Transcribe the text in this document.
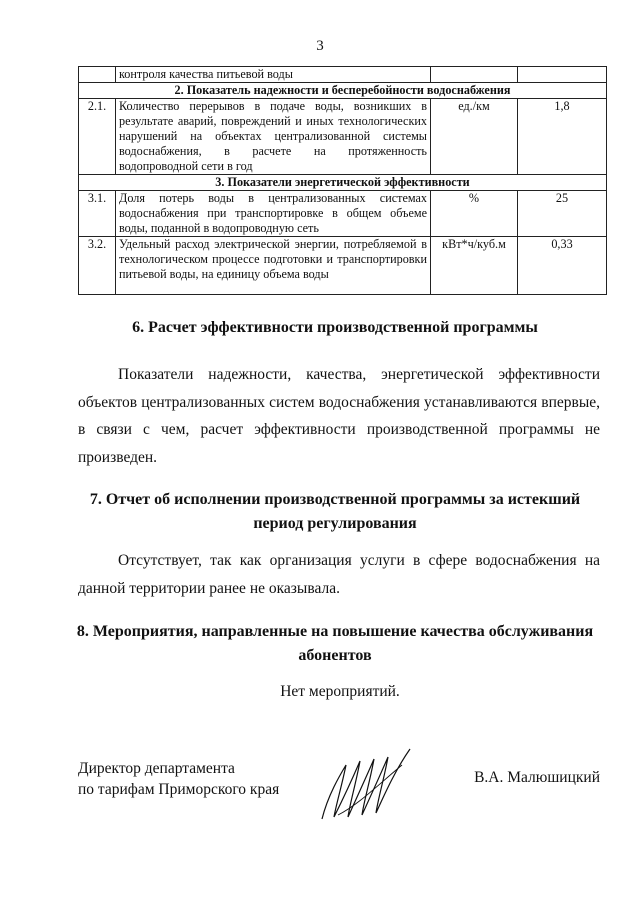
3
	контроля качества питьевой воды		
2. Показатель надежности и бесперебойности водоснабжения			
2.1.	Количество перерывов в подаче воды, возникших в результате аварий, повреждений и иных технологических нарушений на объектах централизованной системы водоснабжения, в расчете на протяженность водопроводной сети в год	ед./км	1,8
3. Показатели энергетической эффективности			
3.1.	Доля потерь воды в централизованных системах водоснабжения при транспортировке в общем объеме воды, поданной в водопроводную сеть	%	25
3.2.	Удельный расход электрической энергии, потребляемой в технологическом процессе подготовки и транспортировки питьевой воды, на единицу объема воды	кВт*ч/куб.м	0,33
6. Расчет эффективности производственной программы

Показатели надежности, качества, энергетической эффективности объектов централизованных систем водоснабжения устанавливаются впервые, в связи с чем, расчет эффективности производственной программы не произведен.

7. Отчет об исполнении производственной программы за истекший период регулирования

Отсутствует, так как организация услуги в сфере водоснабжения на данной территории ранее не оказывала.

8. Мероприятия, направленные на повышение качества обслуживания абонентов
Нет мероприятий.
Директор департамента
по тарифам Приморского края
В.А. Малюшицкий
